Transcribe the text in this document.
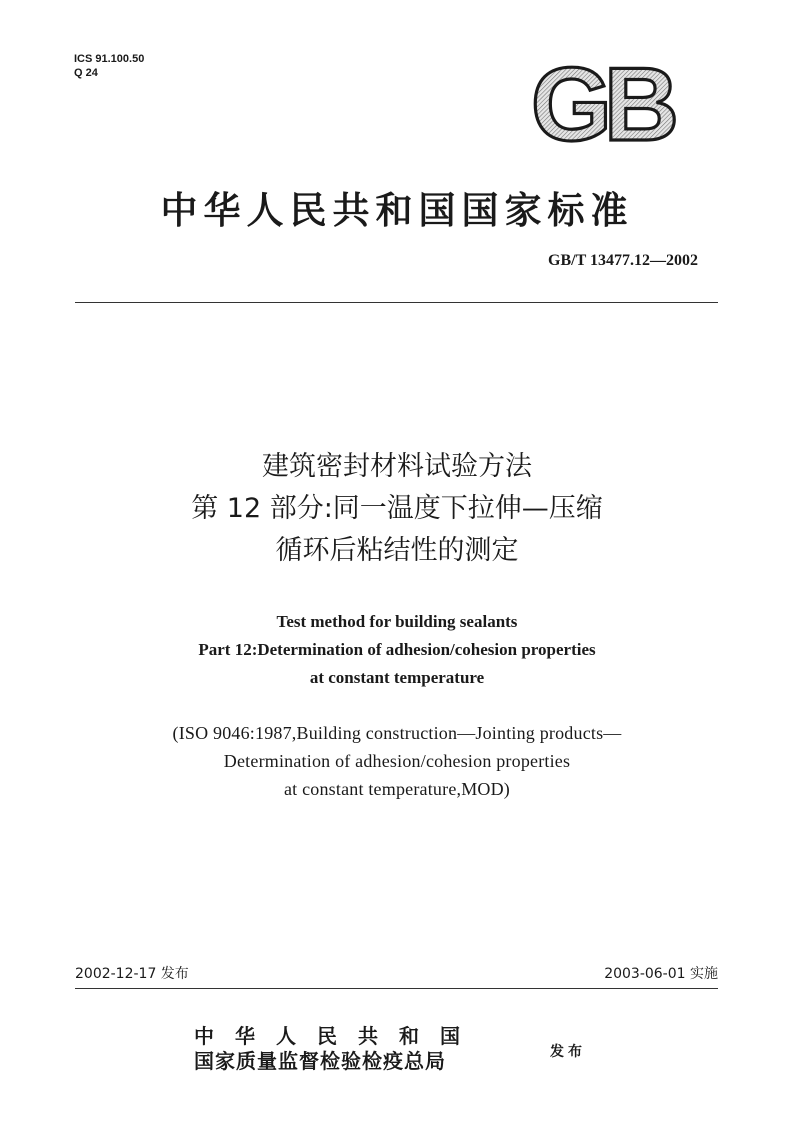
ICS 91.100.50
Q 24	GB
中华人民共和国国家标准
GB/T 13477.12—2002
建筑密封材料试验方法
第 12 部分:同一温度下拉伸—压缩
循环后粘结性的测定
Test method for building sealants
Part 12:Determination of adhesion/cohesion properties
at constant temperature
(ISO 9046:1987,Building construction—Jointing products—
Determination of adhesion/cohesion properties
at constant temperature,MOD)
2002-12-17 发布	2003-06-01 实施
中华人民共和国
国家质量监督检验检疫总局	发布
